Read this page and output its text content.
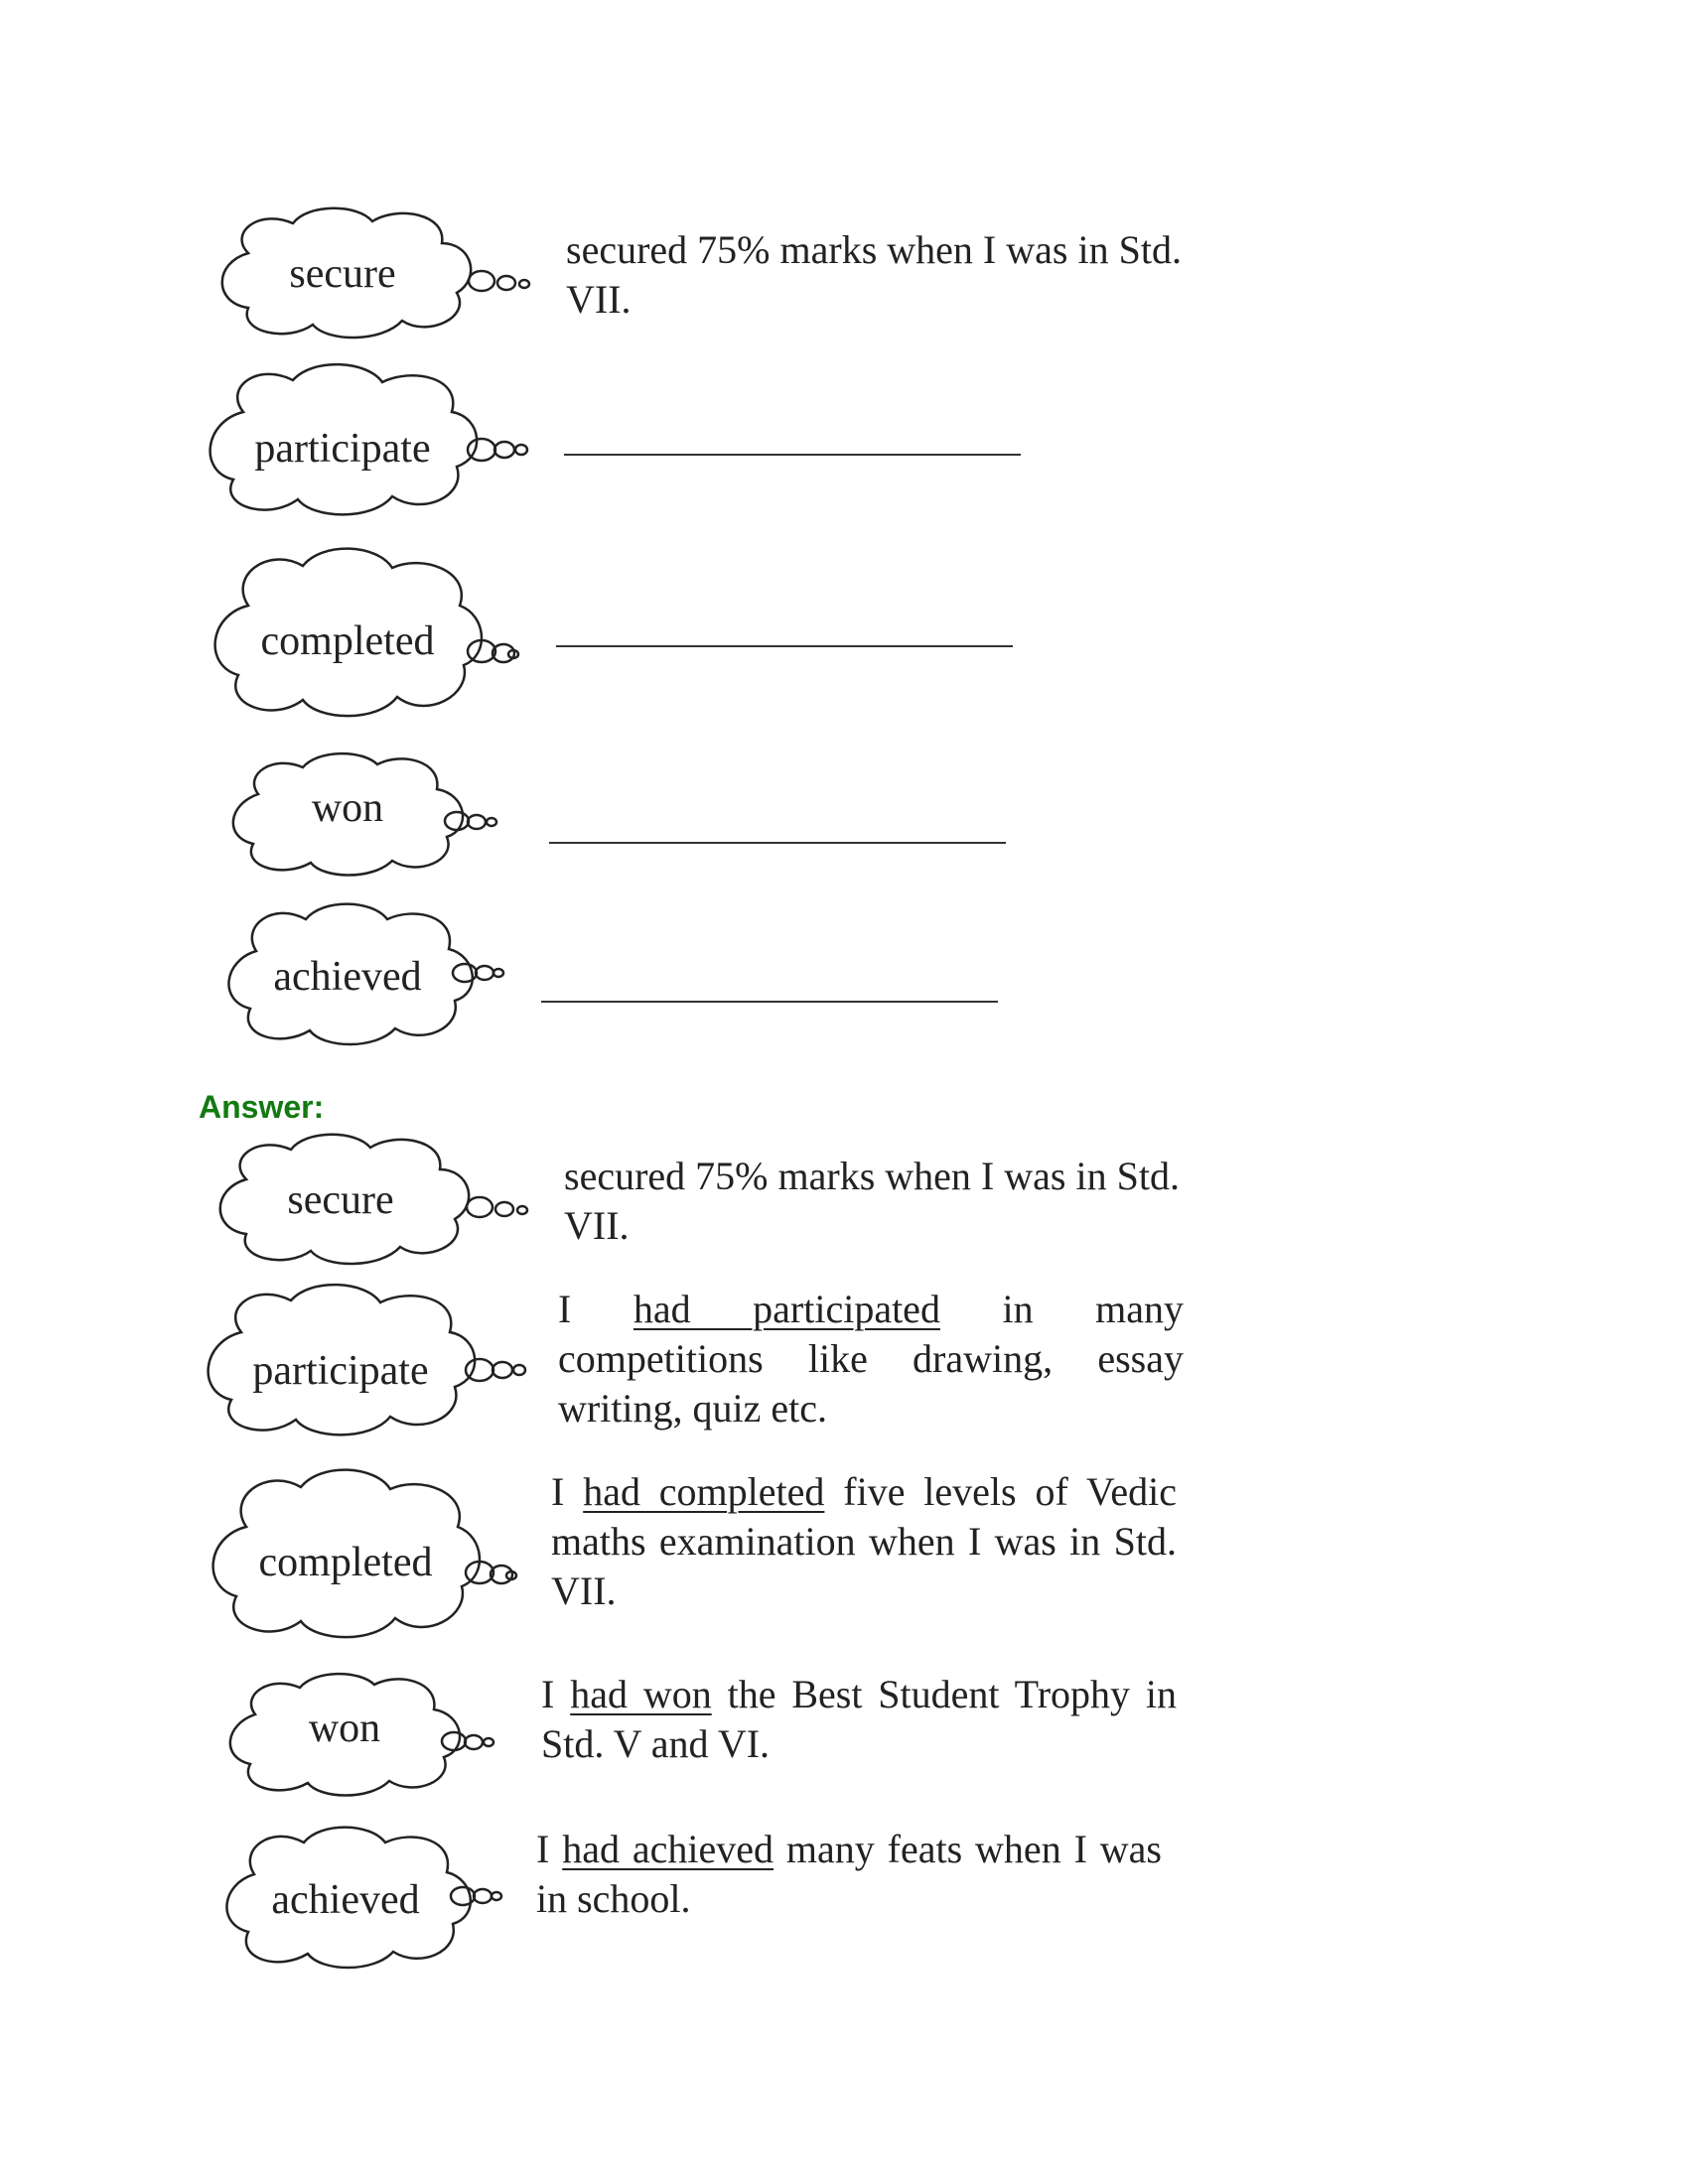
secure
secured 75% marks when I was in Std. VII.
participate
completed
won
achieved
Answer:
secure
secured 75% marks when I was in Std. VII.
participate
I had participated in many competitions like drawing, essay writing, quiz etc.
completed
I had completed five levels of Vedic maths examination when I was in Std. VII.
won
I had won the Best Student Trophy in Std. V and VI.
achieved
I had achieved many feats when I was in school.
